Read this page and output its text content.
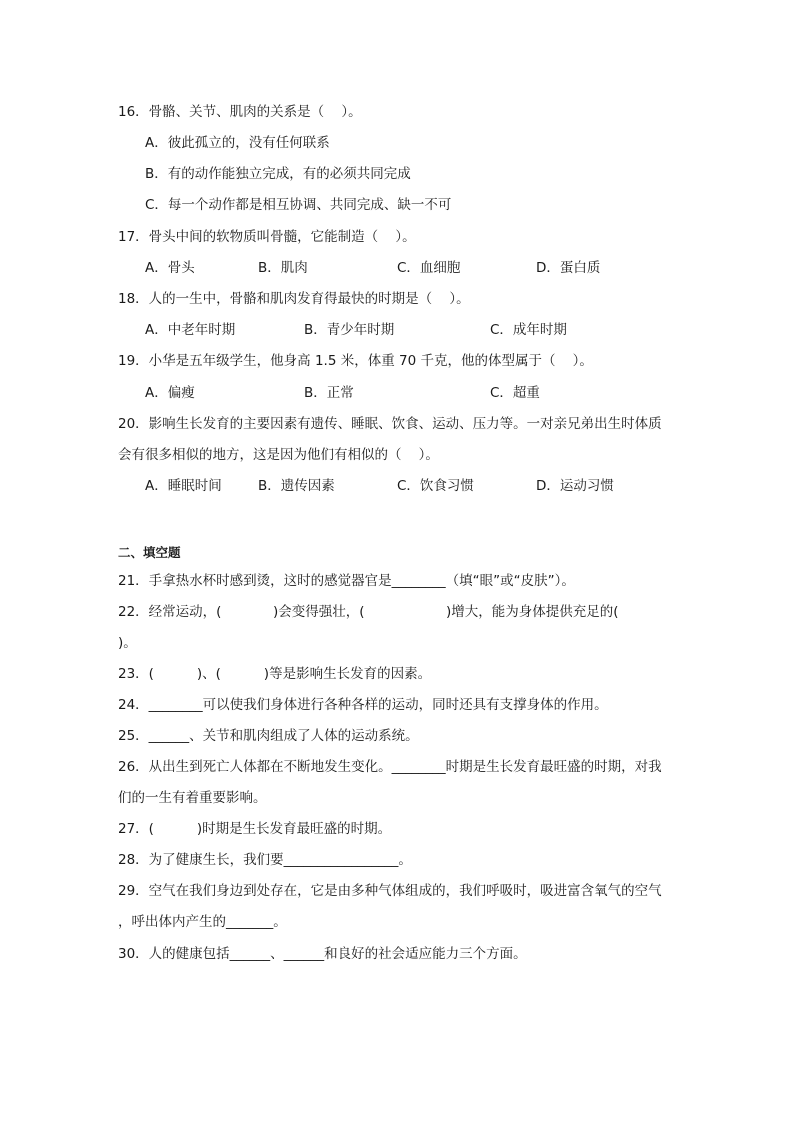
16．骨骼、关节、肌肉的关系是（    ）。
A．彼此孤立的，没有任何联系
B．有的动作能独立完成，有的必须共同完成
C．每一个动作都是相互协调、共同完成、缺一不可
17．骨头中间的软物质叫骨髓，它能制造（    ）。
A．骨头	B．肌肉	C．血细胞	D．蛋白质
18．人的一生中，骨骼和肌肉发育得最快的时期是（    ）。
A．中老年时期	B．青少年时期	C．成年时期
19．小华是五年级学生，他身高 1.5 米，体重 70 千克，他的体型属于（    ）。
A．偏瘦	B．正常	C．超重
20．影响生长发育的主要因素有遗传、睡眠、饮食、运动、压力等。一对亲兄弟出生时体质
会有很多相似的地方，这是因为他们有相似的（    ）。
A．睡眠时间	B．遗传因素	C．饮食习惯	D．运动习惯
二、填空题
21．手拿热水杯时感到烫，这时的感觉器官是________（填“眼”或“皮肤”）。
22．经常运动，(            )会变得强壮，(                   )增大，能为身体提供充足的(
)。
23．(          )、(          )等是影响生长发育的因素。
24．________可以使我们身体进行各种各样的运动，同时还具有支撑身体的作用。
25．______、关节和肌肉组成了人体的运动系统。
26．从出生到死亡人体都在不断地发生变化。________时期是生长发育最旺盛的时期，对我
们的一生有着重要影响。
27．(          )时期是生长发育最旺盛的时期。
28．为了健康生长，我们要_________________。
29．空气在我们身边到处存在，它是由多种气体组成的，我们呼吸时，吸进富含氧气的空气
，呼出体内产生的_______。
30．人的健康包括______、______和良好的社会适应能力三个方面。
